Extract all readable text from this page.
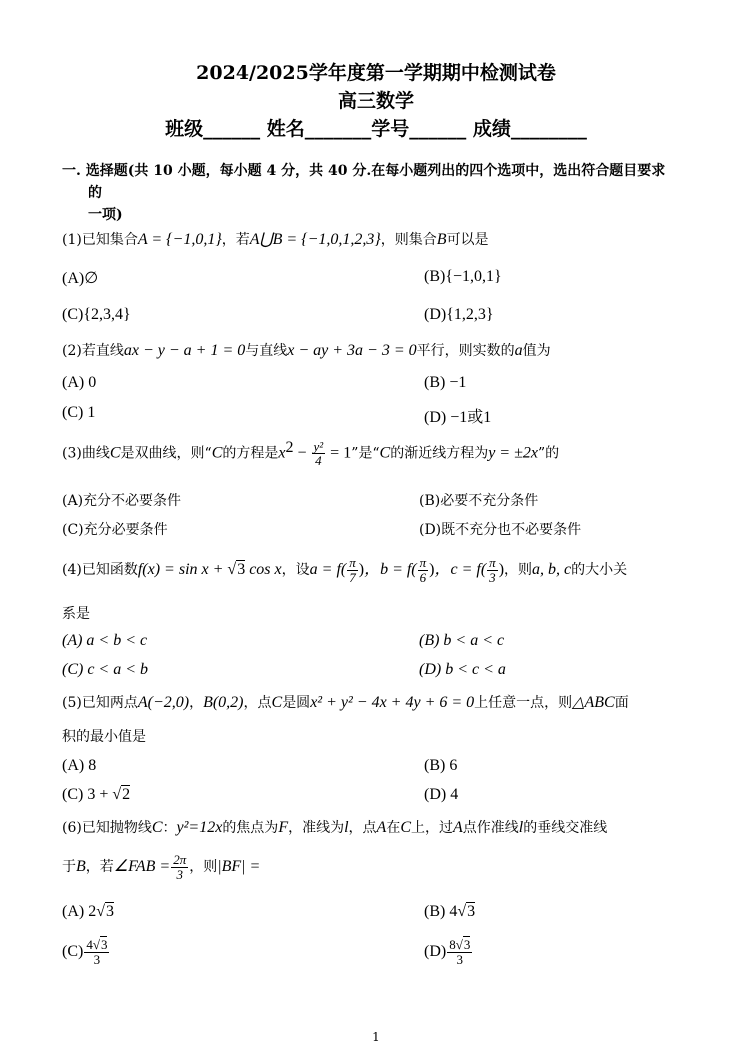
2024/2025学年度第一学期期中检测试卷
高三数学
班级______ 姓名_______学号______ 成绩________
一. 选择题(共 10 小题，每小题 4 分，共 40 分.在每小题列出的四个选项中，选出符合题目要求
的
一项)
(1)已知集合A = {−1,0,1}，若A⋃B = {−1,0,1,2,3}，则集合B可以是
(A)∅	(B){−1,0,1}
(C){2,3,4}	(D){1,2,3}
(2)若直线ax − y − a + 1 = 0与直线x − ay + 3a − 3 = 0平行，则实数的a值为
(A) 0	(B) −1
(C) 1	(D) −1或1
(3)曲线C是双曲线，则“C的方程是$x^2 - \frac{\text{y²}}{4} = 1$”是“C的渐近线方程为y = ±2x”的
(A)充分不必要条件	(B)必要不充分条件
(C)充分必要条件	(D)既不充分也不必要条件
(4)已知函数f(x) = sin x + √3 cos x，设$a = f( \frac{\pi}{7}$ )，$b = f( \frac{\pi}{6}$ )，$c = f( \frac{\pi}{3}$ )，则a, b, c的大小关
系是
(A) a < b < c	(B) b < a < c
(C) c < a < b	(D) b < c < a
(5)已知两点A(−2,0)，B(0,2)，点C是圆x² + y² − 4x + 4y + 6 = 0上任意一点，则△ABC面
积的最小值是
(A) 8	(B) 6
(C) 3 + √2	(D) 4
(6)已知抛物线C：y²=12x的焦点为F，准线为l，点A在C上，过A点作准线l的垂线交准线
于B，若∠FAB = $\frac{2\pi}{3}$ ，则|BF| =
(A) 2√3	(B) 4√3
$(C) \frac{4√3}{3}$	$(D) \frac{8√3}{3}$
1
